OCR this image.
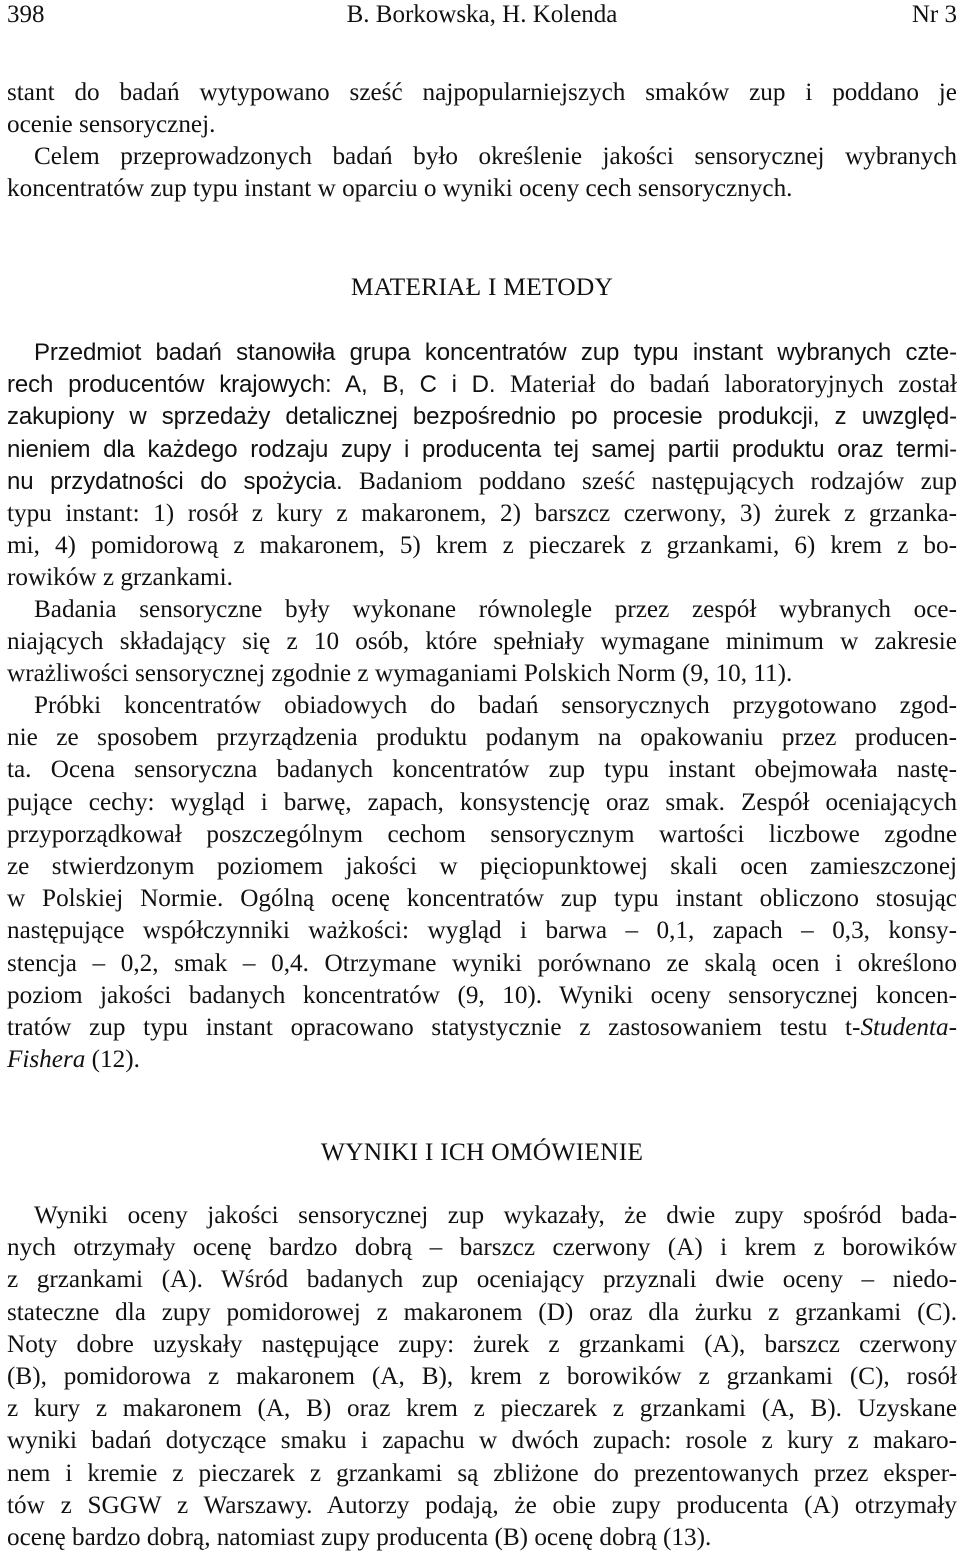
398	B. Borkowska, H. Kolenda	Nr 3
stant do badań wytypowano sześć najpopularniejszych smaków zup i poddano je
ocenie sensorycznej.
Celem przeprowadzonych badań było określenie jakości sensorycznej wybranych
koncentratów zup typu instant w oparciu o wyniki oceny cech sensorycznych.
MATERIAŁ I METODY
Przedmiot badań stanowiła grupa koncentratów zup typu instant wybranych czte-
rech producentów krajowych: A, B, C i D. Materiał do badań laboratoryjnych został
zakupiony w sprzedaży detalicznej bezpośrednio po procesie produkcji, z uwzględ-
nieniem dla każdego rodzaju zupy i producenta tej samej partii produktu oraz termi-
nu przydatności do spożycia. Badaniom poddano sześć następujących rodzajów zup
typu instant: 1) rosół z kury z makaronem, 2) barszcz czerwony, 3) żurek z grzanka-
mi, 4) pomidorową z makaronem, 5) krem z pieczarek z grzankami, 6) krem z bo-
rowików z grzankami.
Badania sensoryczne były wykonane równolegle przez zespół wybranych oce-
niających składający się z 10 osób, które spełniały wymagane minimum w zakresie
wrażliwości sensorycznej zgodnie z wymaganiami Polskich Norm (9, 10, 11).
Próbki koncentratów obiadowych do badań sensorycznych przygotowano zgod-
nie ze sposobem przyrządzenia produktu podanym na opakowaniu przez producen-
ta. Ocena sensoryczna badanych koncentratów zup typu instant obejmowała nastę-
pujące cechy: wygląd i barwę, zapach, konsystencję oraz smak. Zespół oceniających
przyporządkował poszczególnym cechom sensorycznym wartości liczbowe zgodne
ze stwierdzonym poziomem jakości w pięciopunktowej skali ocen zamieszczonej
w Polskiej Normie. Ogólną ocenę koncentratów zup typu instant obliczono stosując
następujące współczynniki ważkości: wygląd i barwa – 0,1, zapach – 0,3, konsy-
stencja – 0,2, smak – 0,4. Otrzymane wyniki porównano ze skalą ocen i określono
poziom jakości badanych koncentratów (9, 10). Wyniki oceny sensorycznej koncen-
tratów zup typu instant opracowano statystycznie z zastosowaniem testu t-Studenta-
Fishera (12).
WYNIKI I ICH OMÓWIENIE
Wyniki oceny jakości sensorycznej zup wykazały, że dwie zupy spośród bada-
nych otrzymały ocenę bardzo dobrą – barszcz czerwony (A) i krem z borowików
z grzankami (A). Wśród badanych zup oceniający przyznali dwie oceny – niedo-
stateczne dla zupy pomidorowej z makaronem (D) oraz dla żurku z grzankami (C).
Noty dobre uzyskały następujące zupy: żurek z grzankami (A), barszcz czerwony
(B), pomidorowa z makaronem (A, B), krem z borowików z grzankami (C), rosół
z kury z makaronem (A, B) oraz krem z pieczarek z grzankami (A, B). Uzyskane
wyniki badań dotyczące smaku i zapachu w dwóch zupach: rosole z kury z makaro-
nem i kremie z pieczarek z grzankami są zbliżone do prezentowanych przez eksper-
tów z SGGW z Warszawy. Autorzy podają, że obie zupy producenta (A) otrzymały
ocenę bardzo dobrą, natomiast zupy producenta (B) ocenę dobrą (13).
